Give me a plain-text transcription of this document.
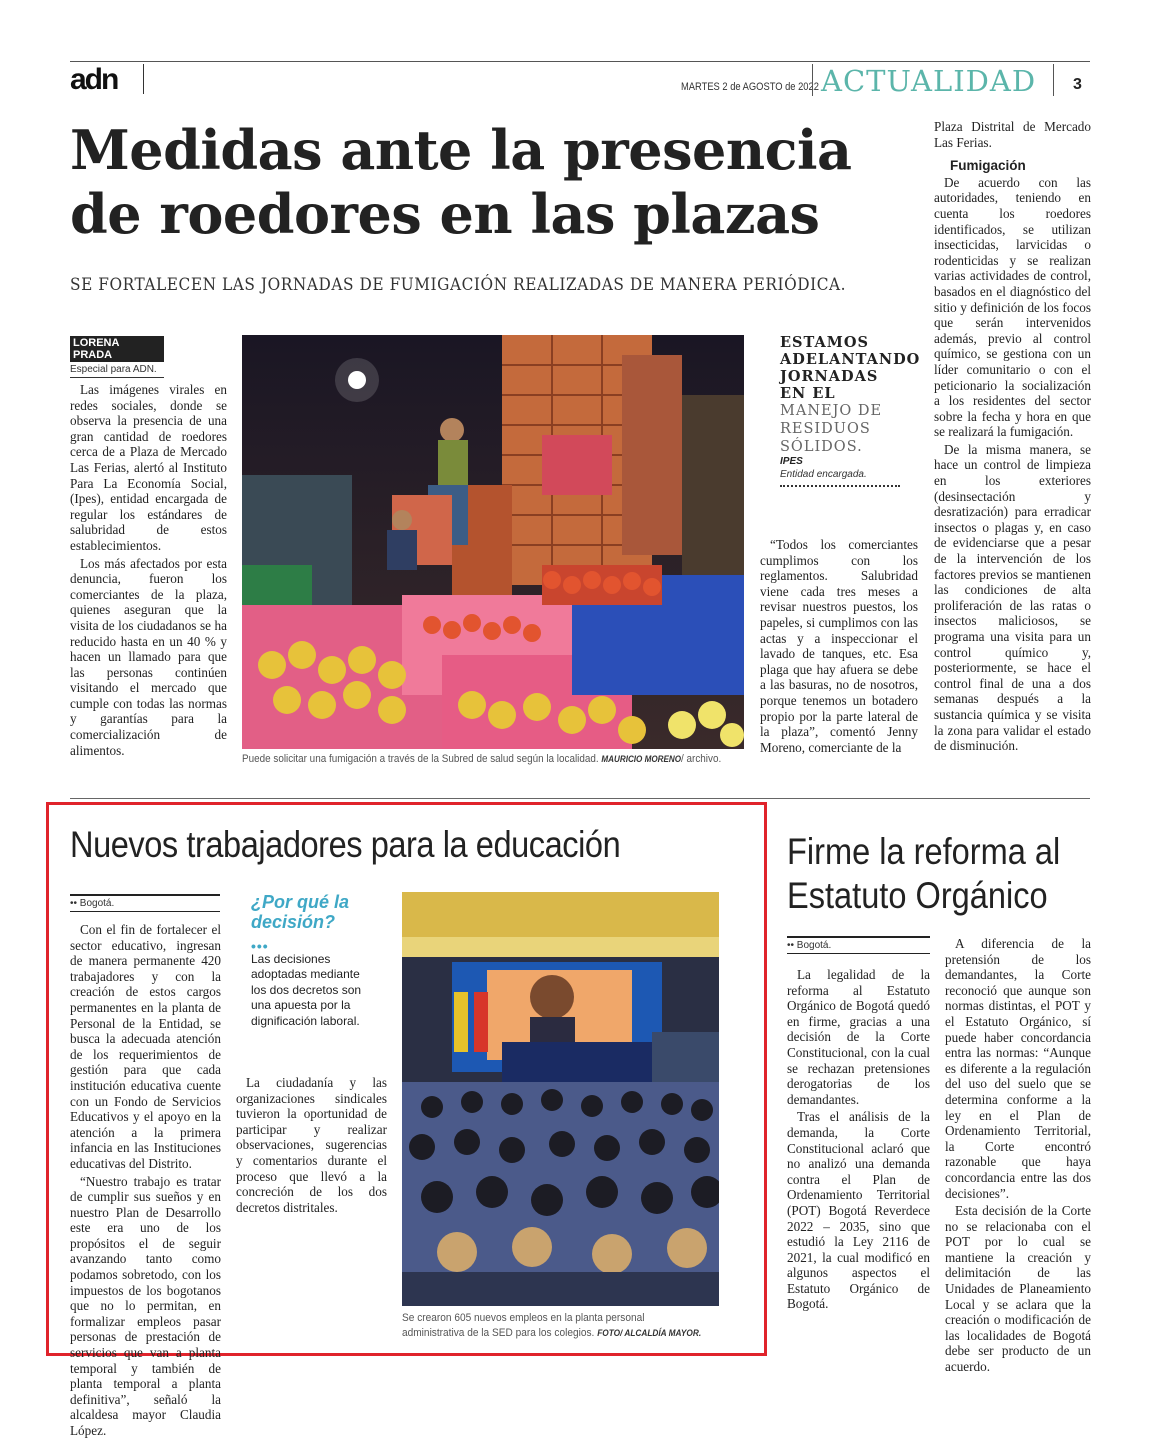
adn	MARTES 2 de AGOSTO de 2022 ACTUALIDAD 3
Medidas ante la presencia de roedores en las plazas
SE FORTALECEN LAS JORNADAS DE FUMIGACIÓN REALIZADAS DE MANERA PERIÓDICA.
LORENA PRADA
Especial para ADN.

Las imágenes virales en redes sociales, donde se observa la presencia de una gran cantidad de roedores cerca de a Plaza de Mercado Las Ferias, alertó al Instituto Para La Economía Social, (Ipes), entidad encargada de regular los estándares de salubridad de estos establecimientos.

Los más afectados por esta denuncia, fueron los comerciantes de la plaza, quienes aseguran que la visita de los ciudadanos se ha reducido hasta en un 40 % y hacen un llamado para que las personas continúen visitando el mercado que cumple con todas las normas y garantías para la comercialización de alimentos.

Puede solicitar una fumigación a través de la Subred de salud según la localidad. MAURICIO MORENO/ archivo.
ESTAMOS ADELANTANDO JORNADAS EN EL MANEJO DE RESIDUOS SÓLIDOS.
IPES
Entidad encargada.

“Todos los comerciantes cumplimos con los reglamentos. Salubridad viene cada tres meses a revisar nuestros puestos, los papeles, si cumplimos con las actas y a inspeccionar el lavado de tanques, etc. Esa plaga que hay afuera se debe a las basuras, no de nosotros, porque tenemos un botadero propio por la parte lateral de la plaza”, comentó Jenny Moreno, comerciante de la

Plaza Distrital de Mercado Las Ferias.

Fumigación

De acuerdo con las autoridades, teniendo en cuenta los roedores identificados, se utilizan insecticidas, larvicidas o rodenticidas y se realizan varias actividades de control, basados en el diagnóstico del sitio y definición de los focos que serán intervenidos además, previo al control químico, se gestiona con un líder comunitario o con el peticionario la socialización a los residentes del sector sobre la fecha y hora en que se realizará la fumigación.

De la misma manera, se hace un control de limpieza en los exteriores (desinsectación y desratización) para erradicar insectos o plagas y, en caso de evidenciarse que a pesar de la intervención de los factores previos se mantienen las condiciones de alta proliferación de las ratas o insectos maliciosos, se programa una visita para un control químico y, posteriormente, se hace el control final de una a dos semanas después a la sustancia química y se visita la zona para validar el estado de disminución.

Nuevos trabajadores para la educación
•• Bogotá.

Con el fin de fortalecer el sector educativo, ingresan de manera permanente 420 trabajadores y con la creación de estos cargos permanentes en la planta de Personal de la Entidad, se busca la adecuada atención de los requerimientos de gestión para que cada institución educativa cuente con un Fondo de Servicios Educativos y el apoyo en la atención a la primera infancia en las Instituciones educativas del Distrito.

“Nuestro trabajo es tratar de cumplir sus sueños y en nuestro Plan de Desarrollo este era uno de los propósitos el de seguir avanzando tanto como podamos sobretodo, con los impuestos de los bogotanos que no lo permitan, en formalizar empleos pasar personas de prestación de servicios que van a planta temporal y también de planta temporal a planta definitiva”, señaló la alcaldesa mayor Claudia López.

La ciudadanía y las organizaciones sindicales tuvieron la oportunidad de participar y realizar observaciones, sugerencias y comentarios durante el proceso que llevó a la concreción de los dos decretos distritales.

¿Por qué la decisión?
•••
Las decisiones adoptadas mediante los dos decretos son una apuesta por la dignificación laboral.
Se crearon 605 nuevos empleos en la planta personal administrativa de la SED para los colegios. FOTO/ ALCALDÍA MAYOR.
Firme la reforma al Estatuto Orgánico
•• Bogotá.

La legalidad de la reforma al Estatuto Orgánico de Bogotá quedó en firme, gracias a una decisión de la Corte Constitucional, con la cual se rechazan pretensiones derogatorias de los demandantes.

Tras el análisis de la demanda, la Corte Constitucional aclaró que no analizó una demanda contra el Plan de Ordenamiento Territorial (POT) Bogotá Reverdece 2022 – 2035, sino que estudió la Ley 2116 de 2021, la cual modificó en algunos aspectos el Estatuto Orgánico de Bogotá.

A diferencia de la pretensión de los demandantes, la Corte reconoció que aunque son normas distintas, el POT y el Estatuto Orgánico, sí puede haber concordancia entra las normas: “Aunque es diferente a la regulación del uso del suelo que se determina conforme a la ley en el Plan de Ordenamiento Territorial, la Corte encontró razonable que haya concordancia entre las dos decisiones”.

Esta decisión de la Corte no se relacionaba con el POT por lo cual se mantiene la creación y delimitación de las Unidades de Planeamiento Local y se aclara que la creación o modificación de las localidades de Bogotá debe ser producto de un acuerdo.
